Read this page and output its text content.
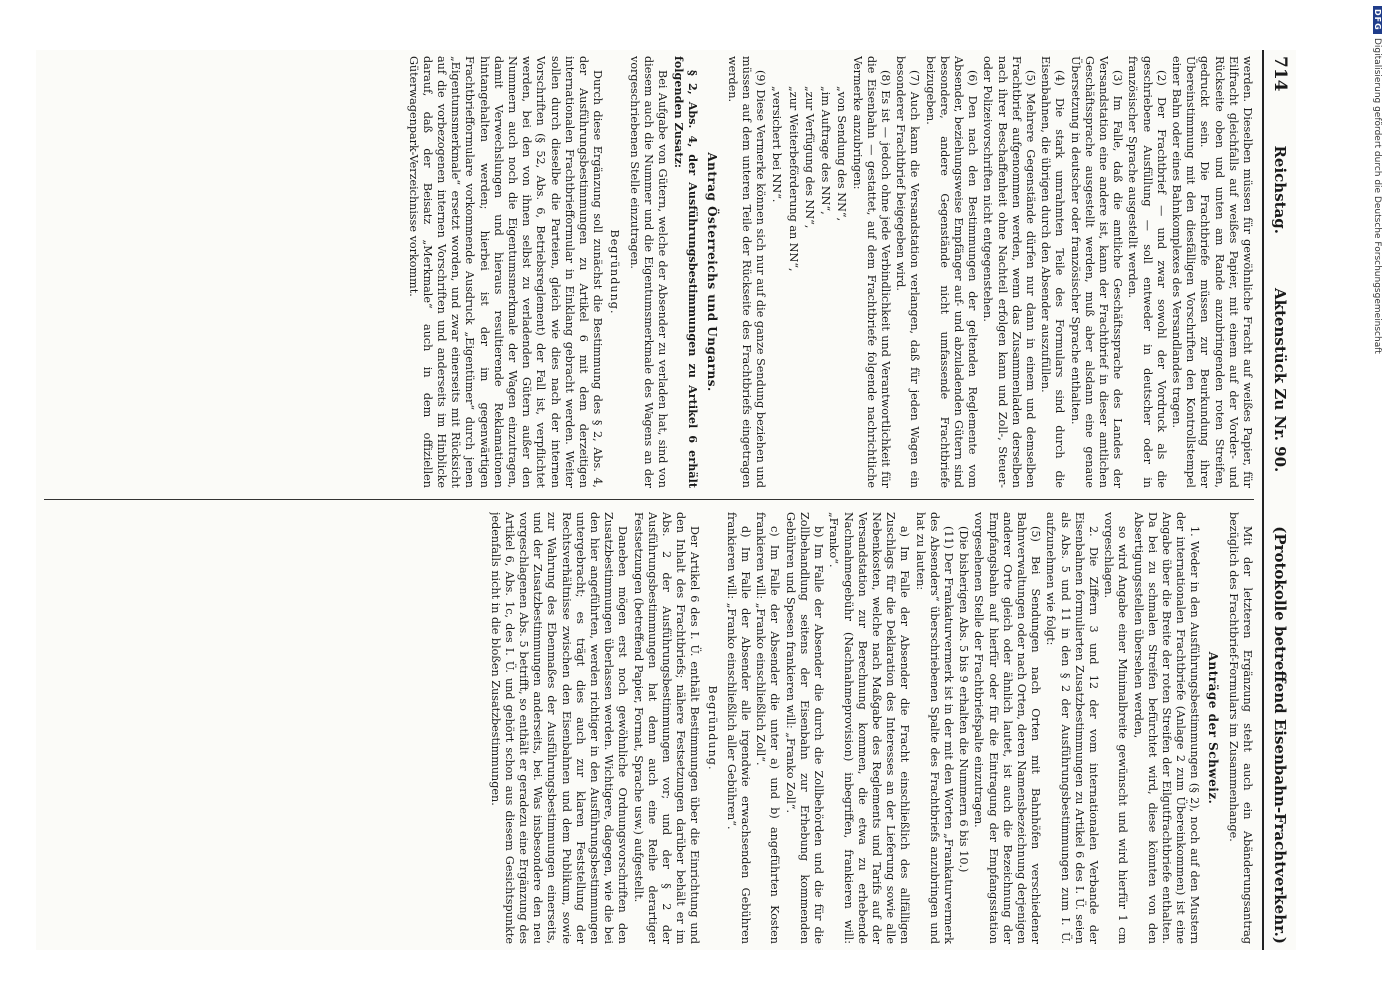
714
Reichstag.
Aktenstück Zu Nr. 90.
(Protokolle betreffend Eisenbahn-Frachtverkehr.)

werden. Dieselben müssen für gewöhnliche Fracht auf weißes Papier, für Eilfracht gleichfalls auf weißes Papier, mit einem auf der Vorder- und Rückseite oben und unten am Rande anzubringenden roten Streifen, gedruckt sein. Die Frachtbriefe müssen zur Beurkundung ihrer Übereinstimmung mit den diesfälligen Vorschriften den Kontrollstempel einer Bahn oder eines Bahnkomplexes des Versandlandes tragen.

(2) Der Frachtbrief — und zwar sowohl der Vordruck als die geschriebene Ausfüllung — soll entweder in deutscher oder in französischer Sprache ausgestellt werden.

(3) Im Falle, daß die amtliche Geschäftssprache des Landes der Versandstation eine andere ist, kann der Frachtbrief in dieser amtlichen Geschäftssprache ausgestellt werden, muß aber alsdann eine genaue Übersetzung in deutscher oder französischer Sprache enthalten.

(4) Die stark umrahmten Teile des Formulars sind durch die Eisenbahnen, die übrigen durch den Absender auszufüllen.

(5) Mehrere Gegenstände dürfen nur dann in einem und demselben Frachtbrief aufgenommen werden, wenn das Zusammenladen derselben nach ihrer Beschaffenheit ohne Nachteil erfolgen kann und Zoll-, Steuer- oder Polizeivorschriften nicht entgegenstehen.

(6) Den nach den Bestimmungen der geltenden Reglemente vom Absender, beziehungsweise Empfänger auf- und abzuladenden Gütern sind besondere, andere Gegenstände nicht umfassende Frachtbriefe beizugeben.

(7) Auch kann die Versandstation verlangen, daß für jeden Wagen ein besonderer Frachtbrief beigegeben wird.

(8) Es ist — jedoch ohne jede Verbindlichkeit und Verantwortlichkeit für die Eisenbahn — gestattet, auf dem Frachtbriefe folgende nachrichtliche Vermerke anzubringen:

„von Sendung des NN“,

„im Auftrage des NN“,

„zur Verfügung des NN“,

„zur Weiterbeförderung an NN“,

„versichert bei NN“.

(9) Diese Vermerke können sich nur auf die ganze Sendung beziehen und müssen auf dem unteren Teile der Rückseite des Frachtbriefs eingetragen werden.

Antrag Österreichs und Ungarns.

§ 2, Abs. 4, der Ausführungsbestimmungen zu Artikel 6 erhält folgenden Zusatz:

Bei Aufgabe von Gütern, welche der Absender zu verladen hat, sind von diesem auch die Nummer und die Eigentumsmerkmale des Wagens an der vorgeschriebenen Stelle einzutragen.

Begründung.

Durch diese Ergänzung soll zunächst die Bestimmung des § 2, Abs. 4, der Ausführungsbestimmungen zu Artikel 6 mit dem derzeitigen internationalen Frachtbriefformular in Einklang gebracht werden. Weiter sollen durch dieselbe die Parteien, gleich wie dies nach der internen Vorschriften (§ 52, Abs. 6, Betriebsreglement) der Fall ist, verpflichtet werden, bei den von ihnen selbst zu verladenden Gütern außer den Nummern auch noch die Eigentumsmerkmale der Wagen einzutragen, damit Verwechslungen und hieraus resultierende Reklamationen hintangehalten werden; hierbei ist der im gegenwärtigen Frachtbriefformulare vorkommende Ausdruck „Eigentümer“ durch jenen „Eigentumsmerkmale“ ersetzt worden, und zwar einerseits mit Rücksicht auf die vorbezogenen internen Vorschriften und anderseits im Hinblicke darauf, daß der Beisatz „Merkmale“ auch in dem offiziellen Güterwagenpark-Verzeichnisse vorkommt.

Mit der letzteren Ergänzung steht auch ein Abänderungsantrag bezüglich des Frachtbrief-Formulars im Zusammenhange.

Anträge der Schweiz.

1. Weder in den Ausführungsbestimmungen (§ 2), noch auf den Mustern der internationalen Frachtbriefe (Anlage 2 zum Übereinkommen) ist eine Angabe über die Breite der roten Streifen der Eilgutfrachtbriefe enthalten. Da bei zu schmalen Streifen befürchtet wird, diese könnten von den Absertigungsstellen übersehen werden,

so wird Angabe einer Minimalbreite gewünscht und wird hierfür 1 cm vorgeschlagen.

2. Die Ziffern 3 und 12 der vom internationalen Verbande der Eisenbahnen formulierten Zusatzbestimmungen zu Artikel 6 des I. Ü. seien als Abs. 5 und 11 in den § 2 der Ausführungsbestimmungen zum I. Ü. aufzunehmen wie folgt:

(5) Bei Sendungen nach Orten mit Bahnhöfen verschiedener Bahnverwaltungen oder nach Orten, deren Namensbezeichnung derjenigen anderer Orte gleich oder ähnlich lautet, ist auch die Bezeichnung der Empfangsbahn auf hierfür oder für die Eintragung der Empfangsstation vorgesehenen Stelle der Frachtbriefspalte einzutragen.

(Die bisherigen Abs. 5 bis 9 erhalten die Nummern 6 bis 10.)

(11) Der Frankaturvermerk ist in der mit den Worten „Frankaturvermerk des Absenders“ überschriebenen Spalte des Frachtbriefs anzubringen und hat zu lauten:

a) Im Falle der Absender die Fracht einschließlich des allfälligen Zuschlags für die Deklaration des Interesses an der Lieferung sowie alle Nebenkosten, welche nach Maßgabe des Reglements und Tarifs auf der Versandstation zur Berechnung kommen, die etwa zu erhebende Nachnahmegebühr (Nachnahmeprovision) inbegriffen, frankieren will: „Franko“.

b) Im Falle der Absender die durch die Zollbehörden und die für die Zollbehandlung seitens der Eisenbahn zur Erhebung kommenden Gebühren und Spesen frankieren will: „Franko Zoll“.

c) Im Falle der Absender die unter a) und b) angeführten Kosten frankieren will: „Franko einschließlich Zoll“.

d) Im Falle der Absender alle irgendwie erwachsenden Gebühren frankieren will: „Franko einschließlich aller Gebühren“.

Begründung.

Der Artikel 6 des I. Ü. enthält Bestimmungen über die Einrichtung und den Inhalt des Frachtbriefs; nähere Festsetzungen darüber behält er im Abs. 2 der Ausführungsbestimmungen vor; und der § 2 der Ausführungsbestimmungen hat denn auch eine Reihe derartiger Festsetzungen (betreffend Papier, Format, Sprache usw.) aufgestellt.

Daneben mögen erst noch gewöhnliche Ordnungsvorschriften den Zusatzbestimmungen überlassen werden. Wichtigere, dagegen, wie die bei den hier angeführten, werden richtiger in den Ausführungsbestimmungen untergebracht; es trägt dies auch zur klaren Feststellung der Rechtsverhältnisse zwischen den Eisenbahnen und dem Publikum, sowie zur Wahrung des Ebenmaßes der Ausführungsbestimmungen einerseits, und der Zusatzbestimmungen anderseits, bei. Was insbesondere den neu vorgeschlagenen Abs. 5 betrifft, so enthält er geradezu eine Ergänzung des Artikel 6, Abs. 1c, des I. Ü. und gehört schon aus diesem Gesichtspunkte jedenfalls nicht in die bloßen Zusatzbestimmungen.

DFG
Digitalisierung gefördert durch die Deutsche Forschungsgemeinschaft
